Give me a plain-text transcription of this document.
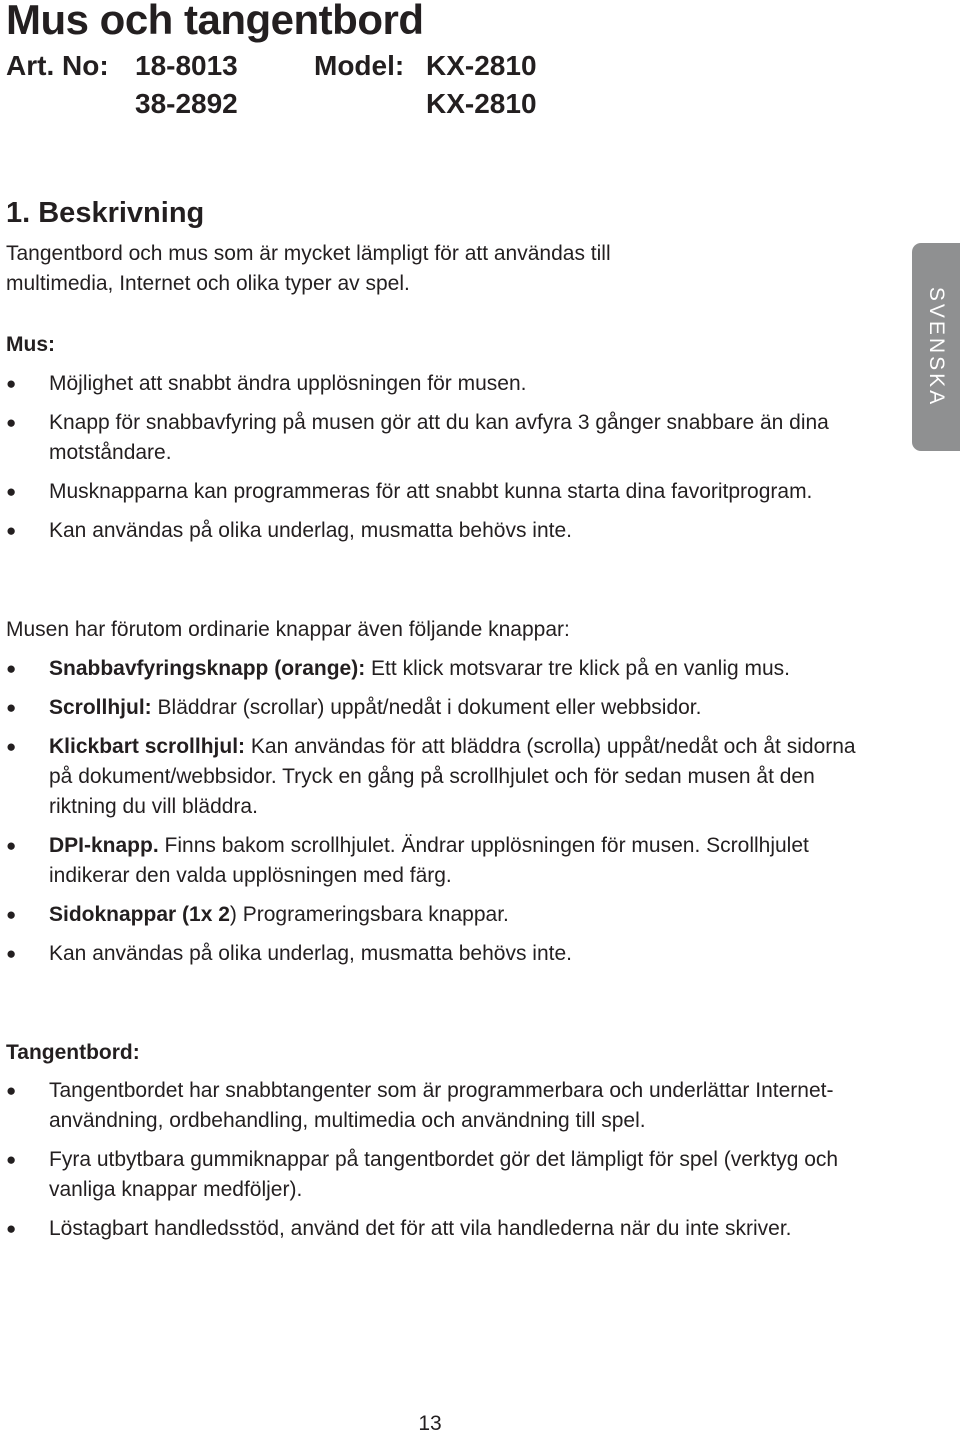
Mus och tangentbord
Art. No: 18-8013	Model: KX-2810
38-2892	KX-2810
SVENSKA
1. Beskrivning

Tangentbord och mus som är mycket lämpligt för att användas till
multimedia, Internet och olika typer av spel.

Mus:
● Möjlighet att snabbt ändra upplösningen för musen.
● Knapp för snabbavfyring på musen gör att du kan avfyra 3 gånger snabbare än dina motståndare.
● Musknapparna kan programmeras för att snabbt kunna starta dina favoritprogram.
● Kan användas på olika underlag, musmatta behövs inte.

Musen har förutom ordinarie knappar även följande knappar:

● Snabbavfyringsknapp (orange): Ett klick motsvarar tre klick på en vanlig mus.
● Scrollhjul: Bläddrar (scrollar) uppåt/nedåt i dokument eller webbsidor.
● Klickbart scrollhjul: Kan användas för att bläddra (scrolla) uppåt/nedåt och åt sidorna på dokument/webbsidor. Tryck en gång på scrollhjulet och för sedan musen åt den riktning du vill bläddra.
● DPI-knapp. Finns bakom scrollhjulet. Ändrar upplösningen för musen. Scrollhjulet indikerar den valda upplösningen med färg.
● Sidoknappar (1x 2) Programeringsbara knappar.
● Kan användas på olika underlag, musmatta behövs inte.
Tangentbord:
● Tangentbordet har snabbtangenter som är programmerbara och underlättar Internet-användning, ordbehandling, multimedia och användning till spel.
● Fyra utbytbara gummiknappar på tangentbordet gör det lämpligt för spel (verktyg och vanliga knappar medföljer).
● Löstagbart handledsstöd, använd det för att vila handlederna när du inte skriver.
13
